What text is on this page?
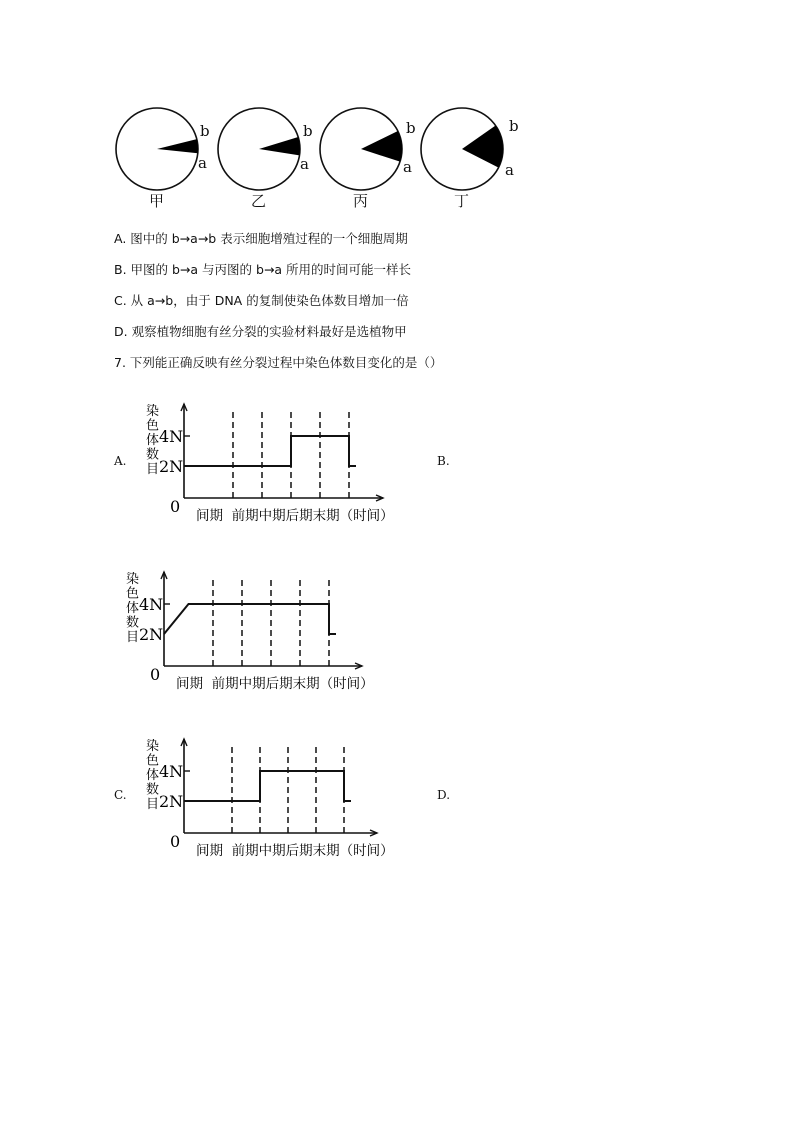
b
a
甲
b
a
乙
b
a
丙
b
a
丁
A. 图中的 b→a→b 表示细胞增殖过程的一个细胞周期
B. 甲图的 b→a 与丙图的 b→a 所用的时间可能一样长
C. 从 a→b，由于 DNA 的复制使染色体数目增加一倍
D. 观察植物细胞有丝分裂的实验材料最好是选植物甲
7. 下列能正确反映有丝分裂过程中染色体数目变化的是（）
A.	B.
C.	D.
4N
2N
0
染
色
体
数
目
间期  前期中期后期末期（时间）
4N
2N
0
染
色
体
数
目
间期  前期中期后期末期（时间）
4N
2N
0
染
色
体
数
目
间期  前期中期后期末期（时间）
